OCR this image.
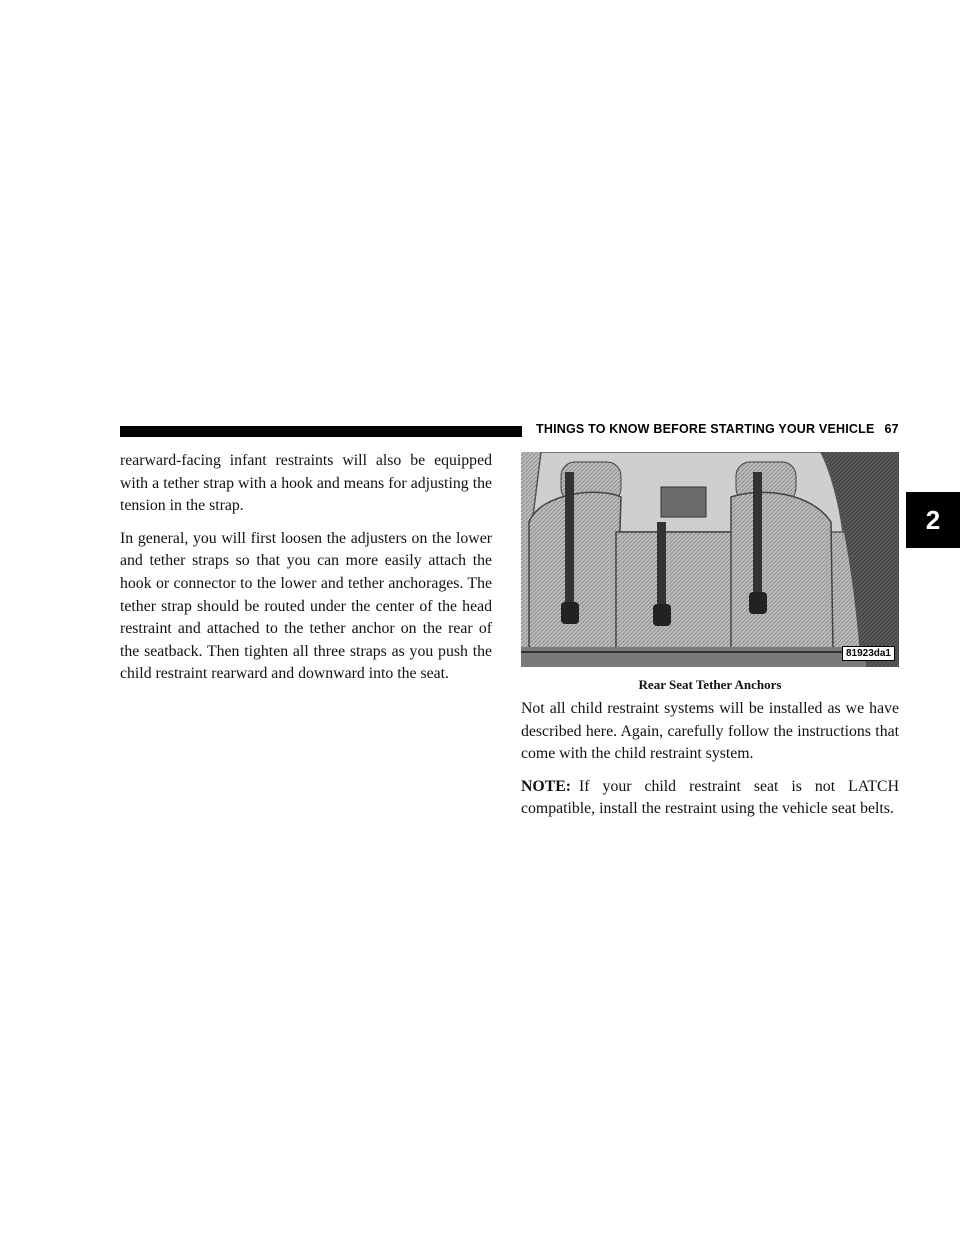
THINGS TO KNOW BEFORE STARTING YOUR VEHICLE 67
2

rearward-facing infant restraints will also be equipped with a tether strap with a hook and means for adjusting the tension in the strap.

In general, you will first loosen the adjusters on the lower and tether straps so that you can more easily attach the hook or connector to the lower and tether anchorages. The tether strap should be routed under the center of the head restraint and attached to the tether anchor on the rear of the seatback. Then tighten all three straps as you push the child restraint rearward and downward into the seat.

81923da1
Rear Seat Tether Anchors

Not all child restraint systems will be installed as we have described here. Again, carefully follow the instructions that come with the child restraint system.

NOTE: If your child restraint seat is not LATCH compatible, install the restraint using the vehicle seat belts.
